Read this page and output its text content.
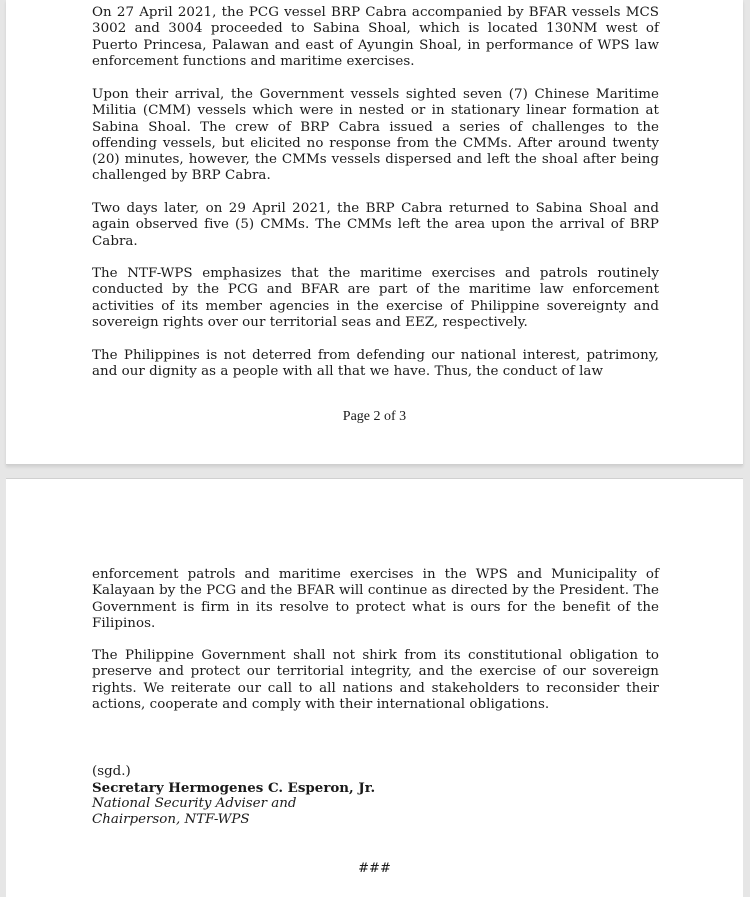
On 27 April 2021, the PCG vessel BRP Cabra accompanied by BFAR vessels MCS 3002 and 3004 proceeded to Sabina Shoal, which is located 130NM west of Puerto Princesa, Palawan and east of Ayungin Shoal, in performance of WPS law enforcement functions and maritime exercises.

Upon their arrival, the Government vessels sighted seven (7) Chinese Maritime Militia (CMM) vessels which were in nested or in stationary linear formation at Sabina Shoal. The crew of BRP Cabra issued a series of challenges to the offending vessels, but elicited no response from the CMMs. After around twenty (20) minutes, however, the CMMs vessels dispersed and left the shoal after being challenged by BRP Cabra.

Two days later, on 29 April 2021, the BRP Cabra returned to Sabina Shoal and again observed five (5) CMMs. The CMMs left the area upon the arrival of BRP Cabra.

The NTF-WPS emphasizes that the maritime exercises and patrols routinely conducted by the PCG and BFAR are part of the maritime law enforcement activities of its member agencies in the exercise of Philippine sovereignty and sovereign rights over our territorial seas and EEZ, respectively.

The Philippines is not deterred from defending our national interest, patrimony, and our dignity as a people with all that we have. Thus, the conduct of law

Page 2 of 3

enforcement patrols and maritime exercises in the WPS and Municipality of Kalayaan by the PCG and the BFAR will continue as directed by the President. The Government is firm in its resolve to protect what is ours for the benefit of the Filipinos.

The Philippine Government shall not shirk from its constitutional obligation to preserve and protect our territorial integrity, and the exercise of our sovereign rights. We reiterate our call to all nations and stakeholders to reconsider their actions, cooperate and comply with their international obligations.

(sgd.)

Secretary Hermogenes C. Esperon, Jr.

National Security Adviser and

Chairperson, NTF-WPS

###
